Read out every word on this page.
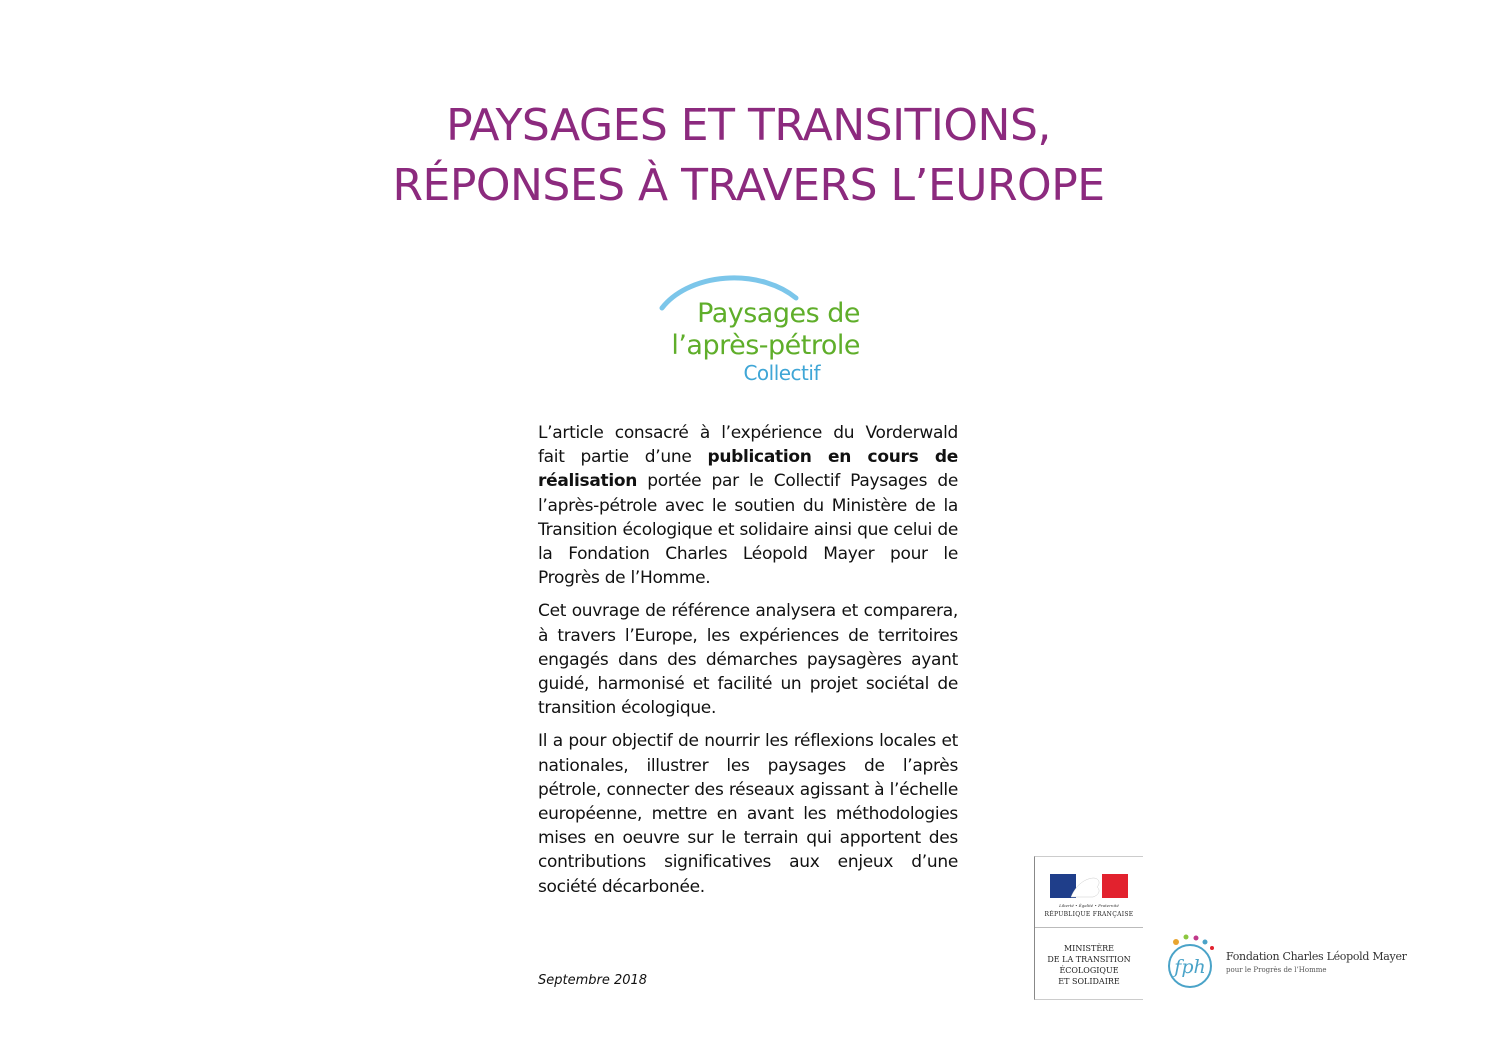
PAYSAGES ET TRANSITIONS,
RÉPONSES À TRAVERS L’EUROPE
Paysages de
l’après-pétrole
Collectif

L’article consacré à l’expérience du Vorderwald fait partie d’une publication en cours de réalisation portée par le Collectif Paysages de l’après-pétrole avec le soutien du Ministère de la Transition écologique et solidaire ainsi que celui de la Fondation Charles Léopold Mayer pour le Progrès de l’Homme.

Cet ouvrage de référence analysera et comparera, à travers l’Europe, les expériences de territoires engagés dans des démarches paysagères ayant guidé, harmonisé et facilité un projet sociétal de transition écologique.

Il a pour objectif de nourrir les réflexions locales et nationales, illustrer les paysages de l’après pétrole, connecter des réseaux agissant à l’échelle européenne, mettre en avant les méthodologies mises en oeuvre sur le terrain qui apportent des contributions significatives aux enjeux d’une société décarbonée.

Septembre 2018
Liberté • Égalité • Fraternité
RÉPUBLIQUE FRANÇAISE
MINISTÈRE
DE LA TRANSITION
ÉCOLOGIQUE
ET SOLIDAIRE
fph Fondation Charles Léopold Mayer
pour le Progrès de l’Homme
